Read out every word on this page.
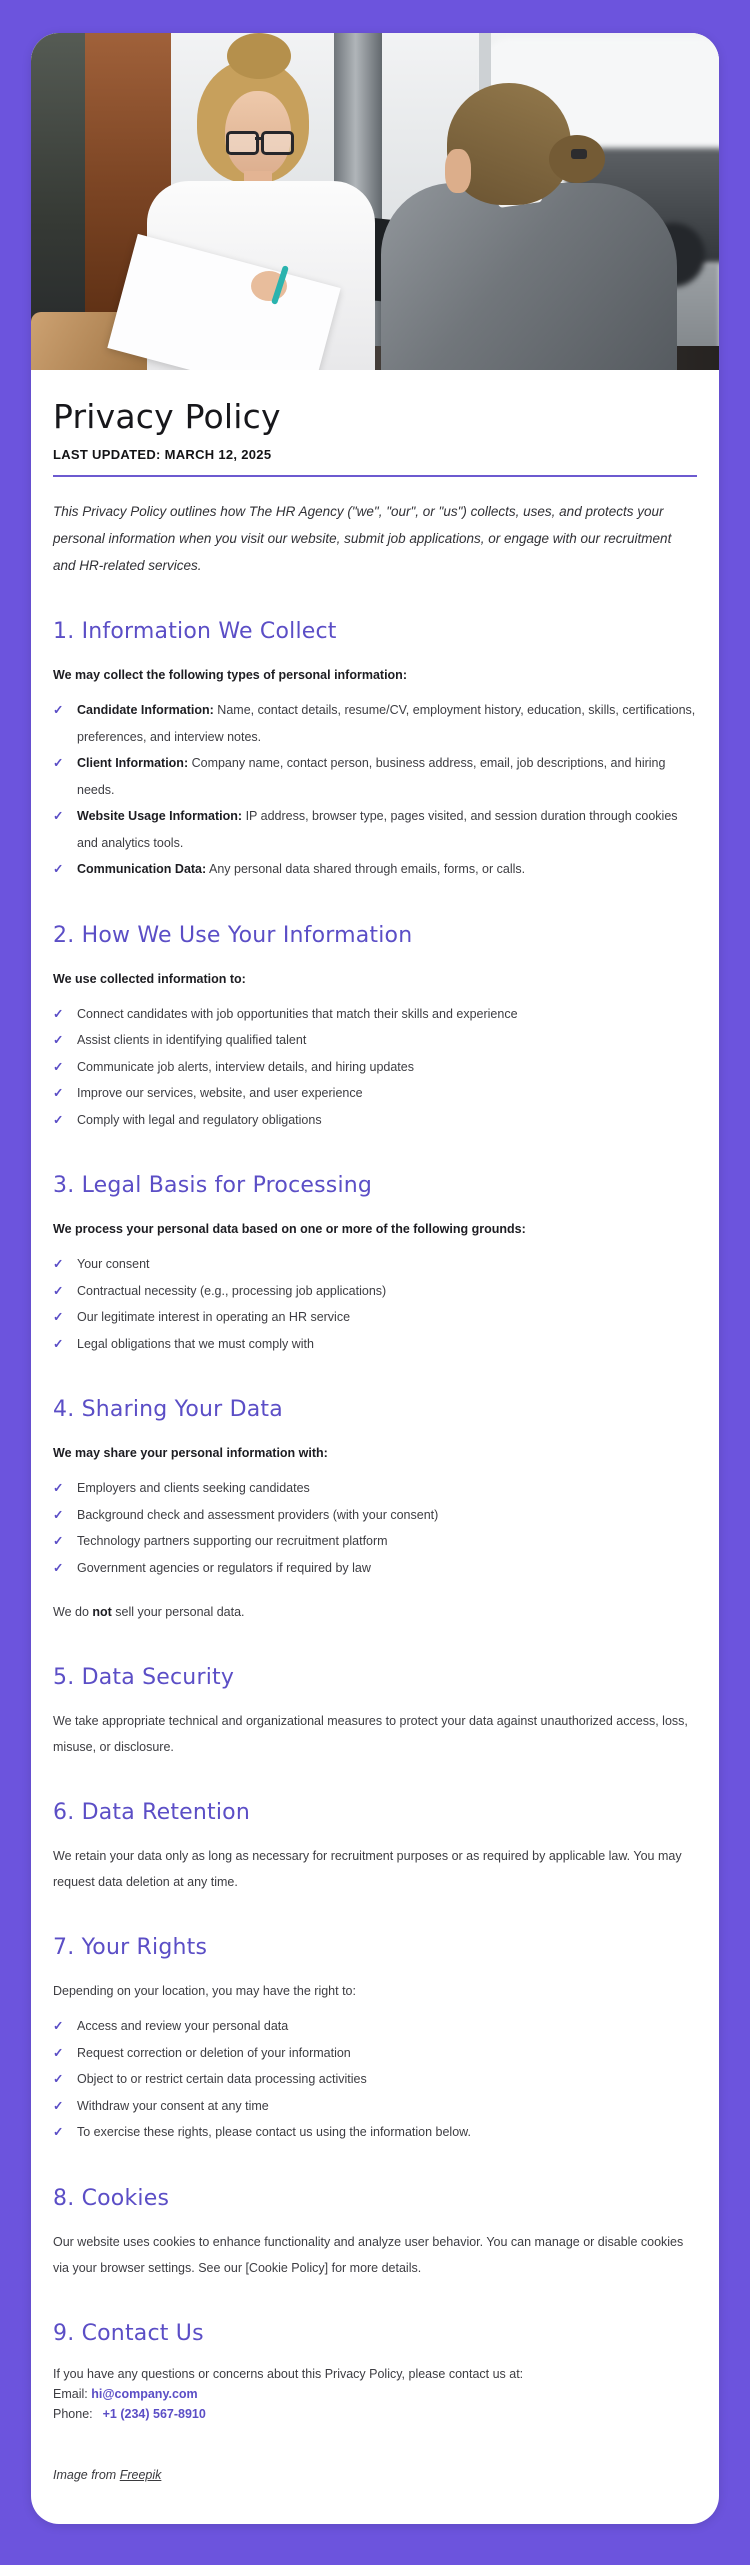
Privacy Policy

LAST UPDATED: MARCH 12, 2025

This Privacy Policy outlines how The HR Agency ("we", "our", or "us") collects, uses, and protects your personal information when you visit our website, submit job applications, or engage with our recruitment and HR-related services.

1. Information We Collect

We may collect the following types of personal information:

✓ Candidate Information: Name, contact details, resume/CV, employment history, education, skills, certifications, preferences, and interview notes.
✓ Client Information: Company name, contact person, business address, email, job descriptions, and hiring needs.
✓ Website Usage Information: IP address, browser type, pages visited, and session duration through cookies and analytics tools.
✓ Communication Data: Any personal data shared through emails, forms, or calls.
2. How We Use Your Information

We use collected information to:

✓ Connect candidates with job opportunities that match their skills and experience
✓ Assist clients in identifying qualified talent
✓ Communicate job alerts, interview details, and hiring updates
✓ Improve our services, website, and user experience
✓ Comply with legal and regulatory obligations
3. Legal Basis for Processing

We process your personal data based on one or more of the following grounds:

✓ Your consent
✓ Contractual necessity (e.g., processing job applications)
✓ Our legitimate interest in operating an HR service
✓ Legal obligations that we must comply with
4. Sharing Your Data

We may share your personal information with:

✓ Employers and clients seeking candidates
✓ Background check and assessment providers (with your consent)
✓ Technology partners supporting our recruitment platform
✓ Government agencies or regulators if required by law

We do not sell your personal data.

5. Data Security

We take appropriate technical and organizational measures to protect your data against unauthorized access, loss, misuse, or disclosure.

6. Data Retention

We retain your data only as long as necessary for recruitment purposes or as required by applicable law. You may request data deletion at any time.

7. Your Rights

Depending on your location, you may have the right to:

✓ Access and review your personal data
✓ Request correction or deletion of your information
✓ Object to or restrict certain data processing activities
✓ Withdraw your consent at any time
✓ To exercise these rights, please contact us using the information below.
8. Cookies

Our website uses cookies to enhance functionality and analyze user behavior. You can manage or disable cookies via your browser settings. See our [Cookie Policy] for more details.

9. Contact Us

If you have any questions or concerns about this Privacy Policy, please contact us at:

Email: hi@company.com

Phone: +1 (234) 567-8910

Image from Freepik
